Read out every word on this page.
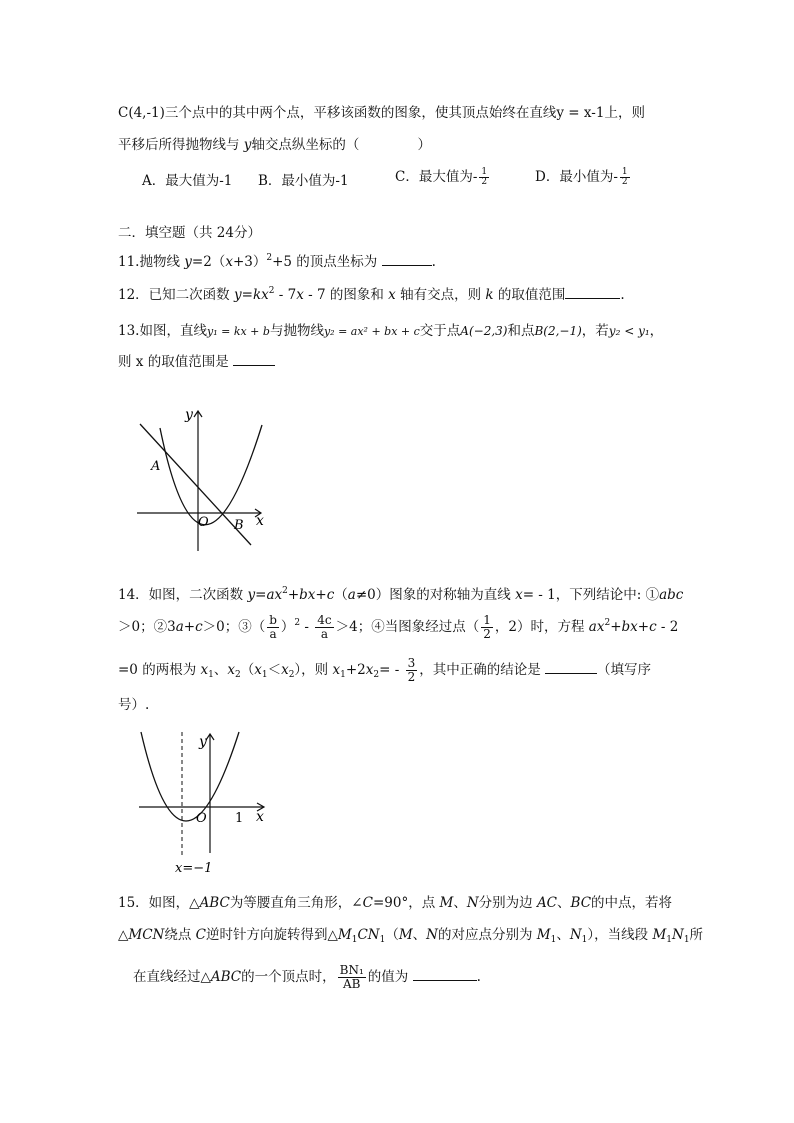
C(4,-1)三个点中的其中两个点，平移该函数的图象，使其顶点始终在直线y = x-1上，则
平移后所得抛物线与 y轴交点纵坐标的（	）
A．最大值为-1 B．最小值为-1	C．最大值为- $\frac{1}{2}$	D．最小值为- $\frac{1}{2}$
二．填空题（共 24分）
11.抛物线 $y=2(x+3)^2+5$ 的顶点坐标为	.
12．已知二次函数 $y=kx^2 - 7x - 7$ 的图象和 x 轴有交点，则 k 的取值范围	.
13.如图，直线y₁ = kx + b与抛物线y₂ = ax² + bx + c交于点A(−2,3)和点B(2,−1)，若y₂ < y₁，
则 x 的取值范围是
y
x
O
A
B
14．如图，二次函数 $y=ax^2+bx+c(a\ne 0)$图象的对称轴为直线 x= - 1，下列结论中: ①abc
＞0；②3a+c＞0；③（ $\frac{b}{a} )^2 - \frac{4c}{a} >4$；④当图象经过点（ $\frac{1}{2}$ ，2）时，方程 $ax^2+bx+c - 2$
=0 的两根为 $x_1$、$x_2(x_1<x_2)$，则 $x_1+2x_2= - \frac{3}{2}$ ，其中正确的结论是	（填写序
号）.
y
x
O 1
x=−1
15．如图，△ABC为等腰直角三角形，∠C=90°，点 M、N分别为边 AC、BC的中点，若将
△MCN绕点 C逆时针方向旋转得到$\triangle M_1CN_1(M$、N的对应点分别为 $M_1$、$N_1$），当线段 $M_1N_1$所
在直线经过△ABC的一个顶点时， $\frac{\text{BN₁}}{AB}$ 的值为	.
